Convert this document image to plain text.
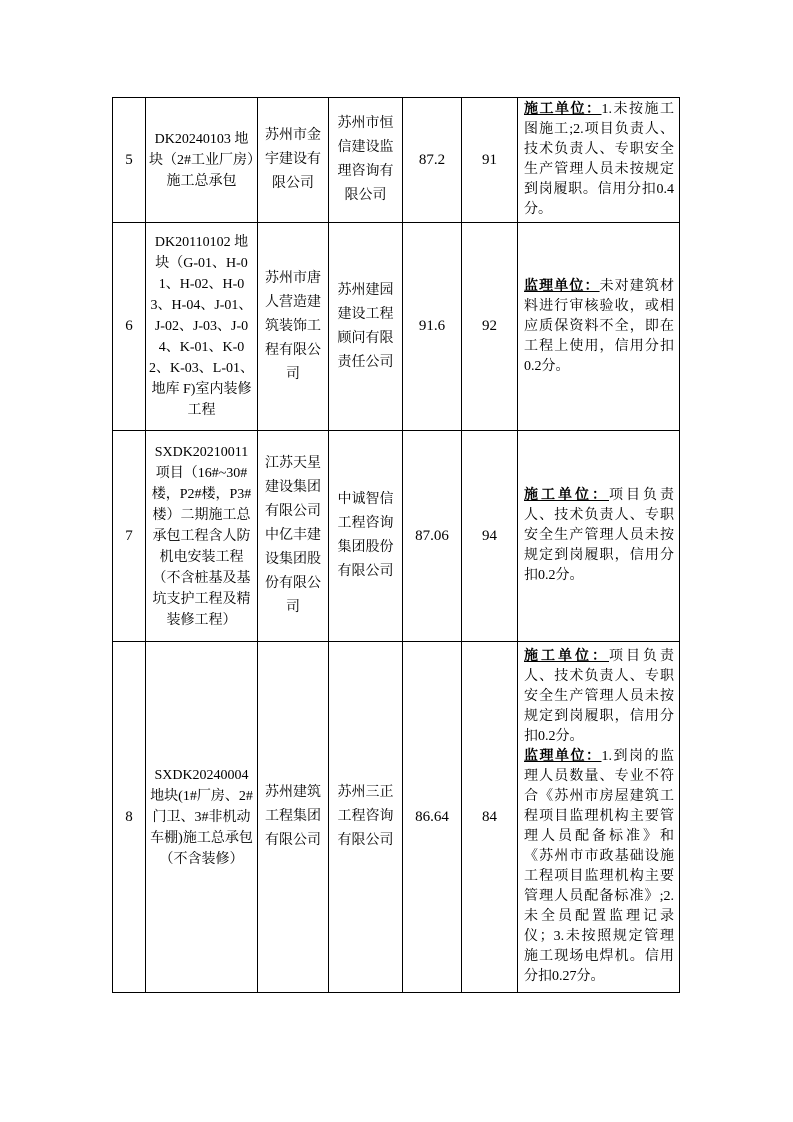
5	DK20240103 地块（2#工业厂房）施工总承包	苏州市金宇建设有限公司	苏州市恒信建设监理咨询有限公司	87.2	91	施工单位：1.未按施工图施工;2.项目负责人、技术负责人、专职安全生产管理人员未按规定到岗履职。信用分扣0.4分。

6	DK20110102 地块（G-01、H-01、H-02、H-03、H-04、J-01、J-02、J-03、J-04、K-01、K-02、K-03、L-01、地库 F)室内装修工程	苏州市唐人营造建筑装饰工程有限公司	苏州建园建设工程顾问有限责任公司	91.6	92	监理单位：未对建筑材料进行审核验收，或相应质保资料不全，即在工程上使用，信用分扣0.2分。

7	SXDK20210011 项目（16#~30#楼，P2#楼，P3#楼）二期施工总承包工程含人防机电安装工程（不含桩基及基坑支护工程及精装修工程）	江苏天星建设集团有限公司中亿丰建设集团股份有限公司	中诚智信工程咨询集团股份有限公司	87.06	94	施工单位：项目负责人、技术负责人、专职安全生产管理人员未按规定到岗履职，信用分扣0.2分。

8	SXDK20240004地块(1#厂房、2#门卫、3#非机动车棚)施工总承包（不含装修）	苏州建筑工程集团有限公司	苏州三正工程咨询有限公司	86.64	84	施工单位：项目负责人、技术负责人、专职安全生产管理人员未按规定到岗履职，信用分扣0.2分。

监理单位：1.到岗的监理人员数量、专业不符合《苏州市房屋建筑工程项目监理机构主要管理人员配备标准》和《苏州市市政基础设施工程项目监理机构主要管理人员配备标准》;2.未全员配置监理记录仪；3.未按照规定管理施工现场电焊机。信用分扣0.27分。
